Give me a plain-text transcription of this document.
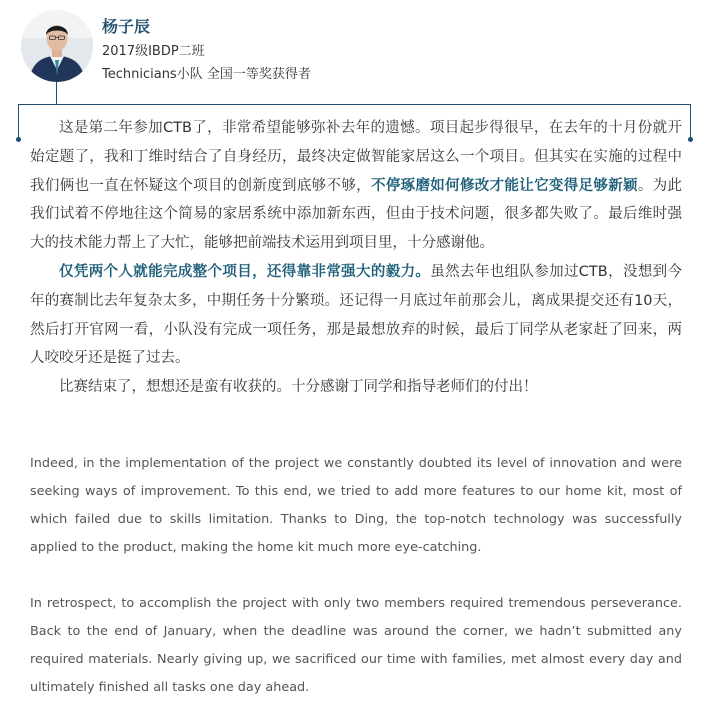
杨子辰
2017级IBDP二班
Technicians小队 全国一等奖获得者

这是第二年参加CTB了，非常希望能够弥补去年的遗憾。项目起步得很早，在去年的十月份就开始定题了，我和丁维时结合了自身经历，最终决定做智能家居这么一个项目。但其实在实施的过程中我们俩也一直在怀疑这个项目的创新度到底够不够，不停琢磨如何修改才能让它变得足够新颖。为此我们试着不停地往这个简易的家居系统中添加新东西，但由于技术问题，很多都失败了。最后维时强大的技术能力帮上了大忙，能够把前端技术运用到项目里，十分感谢他。

仅凭两个人就能完成整个项目，还得靠非常强大的毅力。虽然去年也组队参加过CTB，没想到今年的赛制比去年复杂太多，中期任务十分繁琐。还记得一月底过年前那会儿，离成果提交还有10天，然后打开官网一看，小队没有完成一项任务，那是最想放弃的时候，最后丁同学从老家赶了回来，两人咬咬牙还是挺了过去。

比赛结束了，想想还是蛮有收获的。十分感谢丁同学和指导老师们的付出！

Indeed, in the implementation of the project we constantly doubted its level of innovation and were seeking ways of improvement. To this end, we tried to add more features to our home kit, most of which failed due to skills limitation. Thanks to Ding, the top-notch technology was successfully applied to the product, making the home kit much more eye-catching.

In retrospect, to accomplish the project with only two members required tremendous perseverance. Back to the end of January, when the deadline was around the corner, we hadn’t submitted any required materials. Nearly giving up, we sacrificed our time with families, met almost every day and ultimately finished all tasks one day ahead.
